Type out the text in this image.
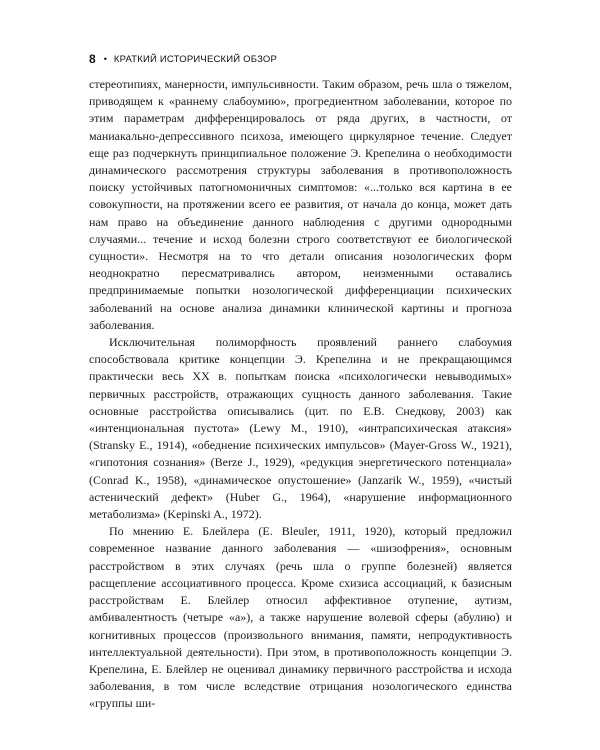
8 • КРАТКИЙ ИСТОРИЧЕСКИЙ ОБЗОР

стереотипиях, манерности, импульсивности. Таким образом, речь шла о тяжелом, приводящем к «раннему слабоумию», прогредиентном заболевании, которое по этим параметрам дифференцировалось от ряда других, в частности, от маниакально-депрессивного психоза, имеющего циркулярное течение. Следует еще раз подчеркнуть принципиальное положение Э. Крепелина о необходимости динамического рассмотрения структуры заболевания в противоположность поиску устойчивых патогномоничных симптомов: «...только вся картина в ее совокупности, на протяжении всего ее развития, от начала до конца, может дать нам право на объединение данного наблюдения с другими однородными случаями... течение и исход болезни строго соответствуют ее биологической сущности». Несмотря на то что детали описания нозологических форм неоднократно пересматривались автором, неизменными оставались предпринимаемые попытки нозологической дифференциации психических заболеваний на основе анализа динамики клинической картины и прогноза заболевания.

Исключительная полиморфность проявлений раннего слабоумия способствовала критике концепции Э. Крепелина и не прекращающимся практически весь XX в. попыткам поиска «психологически невыводимых» первичных расстройств, отражающих сущность данного заболевания. Такие основные расстройства описывались (цит. по Е.В. Снедкову, 2003) как «интенциональная пустота» (Lewy M., 1910), «интрапсихическая атаксия» (Stransky E., 1914), «обеднение психических импульсов» (Mayer-Gross W., 1921), «гипотония сознания» (Berze J., 1929), «редукция энергетического потенциала» (Conrad K., 1958), «динамическое опустошение» (Janzarik W., 1959), «чистый астенический дефект» (Huber G., 1964), «нарушение информационного метаболизма» (Kepinski A., 1972).

По мнению Е. Блейлера (E. Bleuler, 1911, 1920), который предложил современное название данного заболевания — «шизофрения», основным расстройством в этих случаях (речь шла о группе болезней) является расщепление ассоциативного процесса. Кроме схизиса ассоциаций, к базисным расстройствам Е. Блейлер относил аффективное отупение, аутизм, амбивалентность (четыре «а»), а также нарушение волевой сферы (абулию) и когнитивных процессов (произвольного внимания, памяти, непродуктивность интеллектуальной деятельности). При этом, в противоположность концепции Э. Крепелина, Е. Блейлер не оценивал динамику первичного расстройства и исхода заболевания, в том числе вследствие отрицания нозологического единства «группы ши-
